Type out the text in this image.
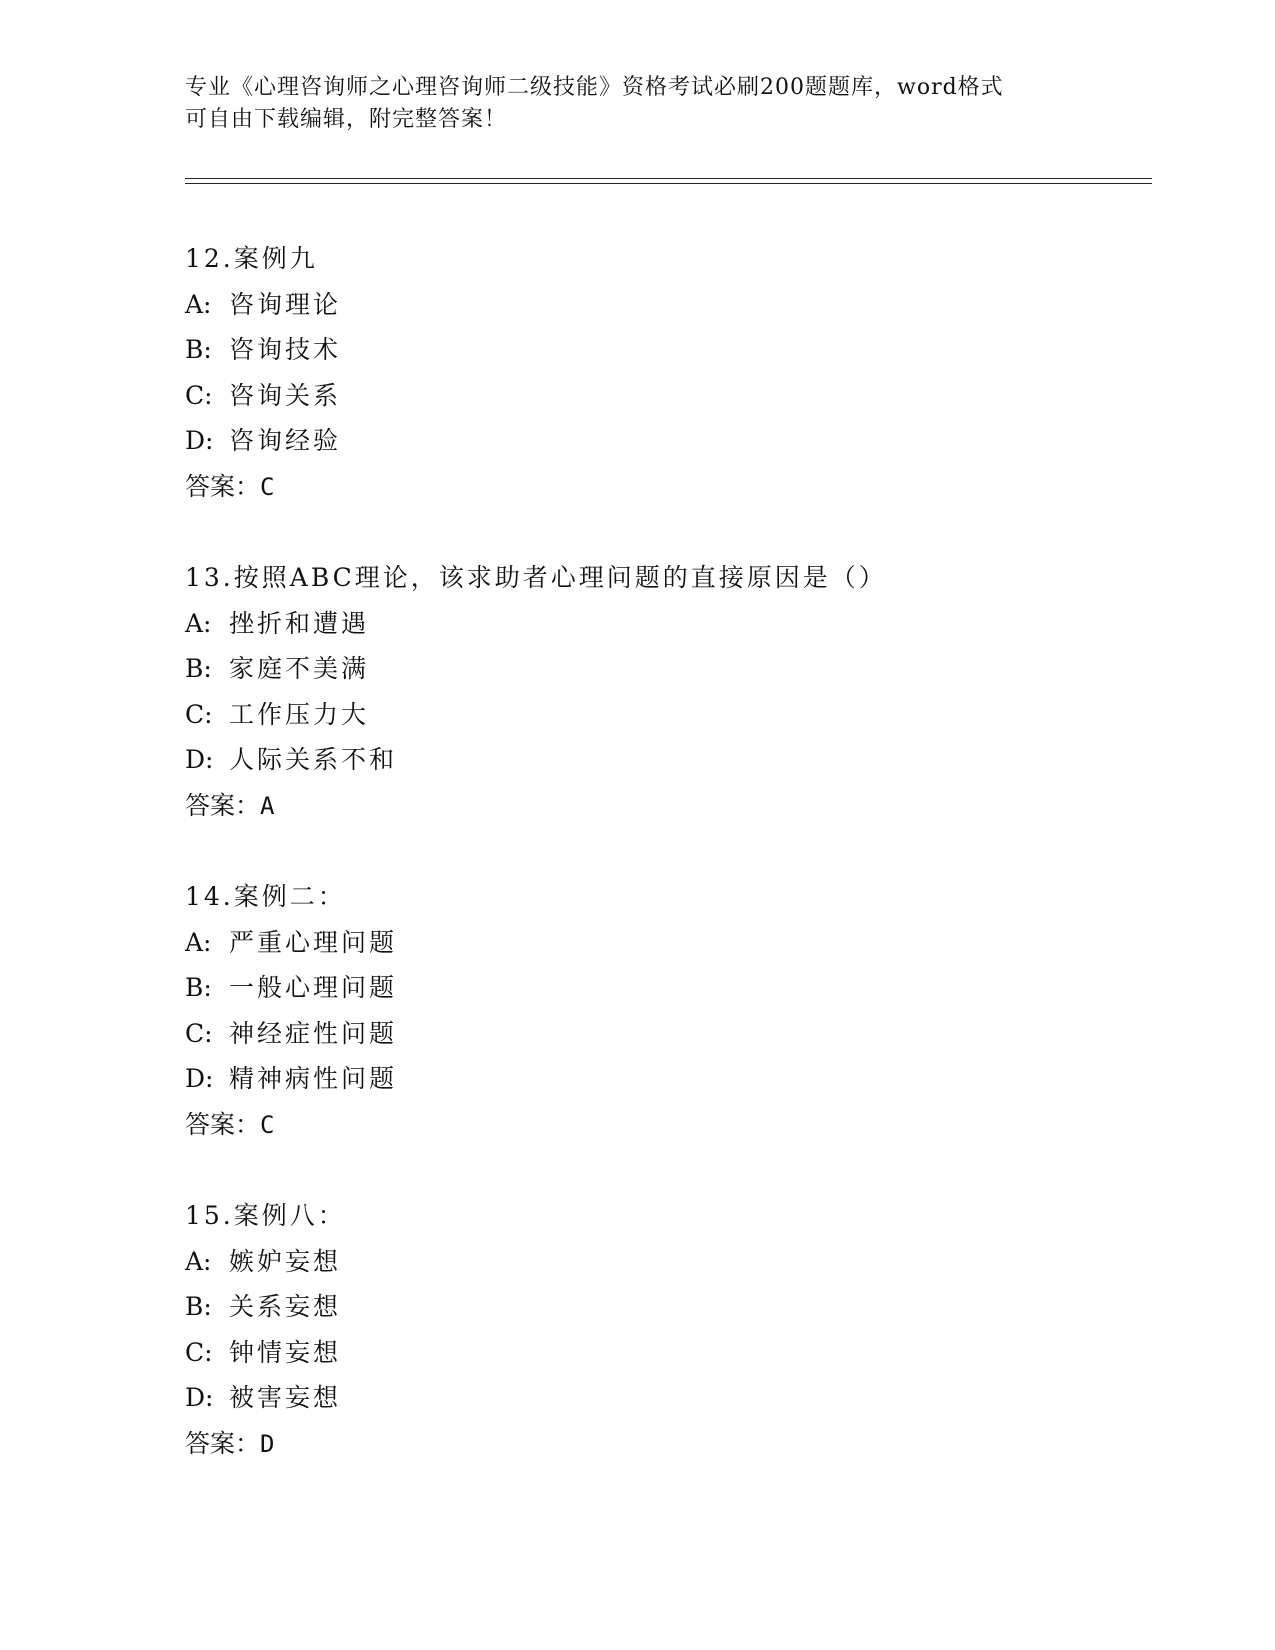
专业《心理咨询师之心理咨询师二级技能》资格考试必刷200题题库，word格式
可自由下载编辑，附完整答案！
12.案例九
A: 咨询理论
B: 咨询技术
C: 咨询关系
D: 咨询经验
答案：C
13.按照ABC理论，该求助者心理问题的直接原因是（）
A: 挫折和遭遇
B: 家庭不美满
C: 工作压力大
D: 人际关系不和
答案：A
14.案例二：
A: 严重心理问题
B: 一般心理问题
C: 神经症性问题
D: 精神病性问题
答案：C
15.案例八：
A: 嫉妒妄想
B: 关系妄想
C: 钟情妄想
D: 被害妄想
答案：D
